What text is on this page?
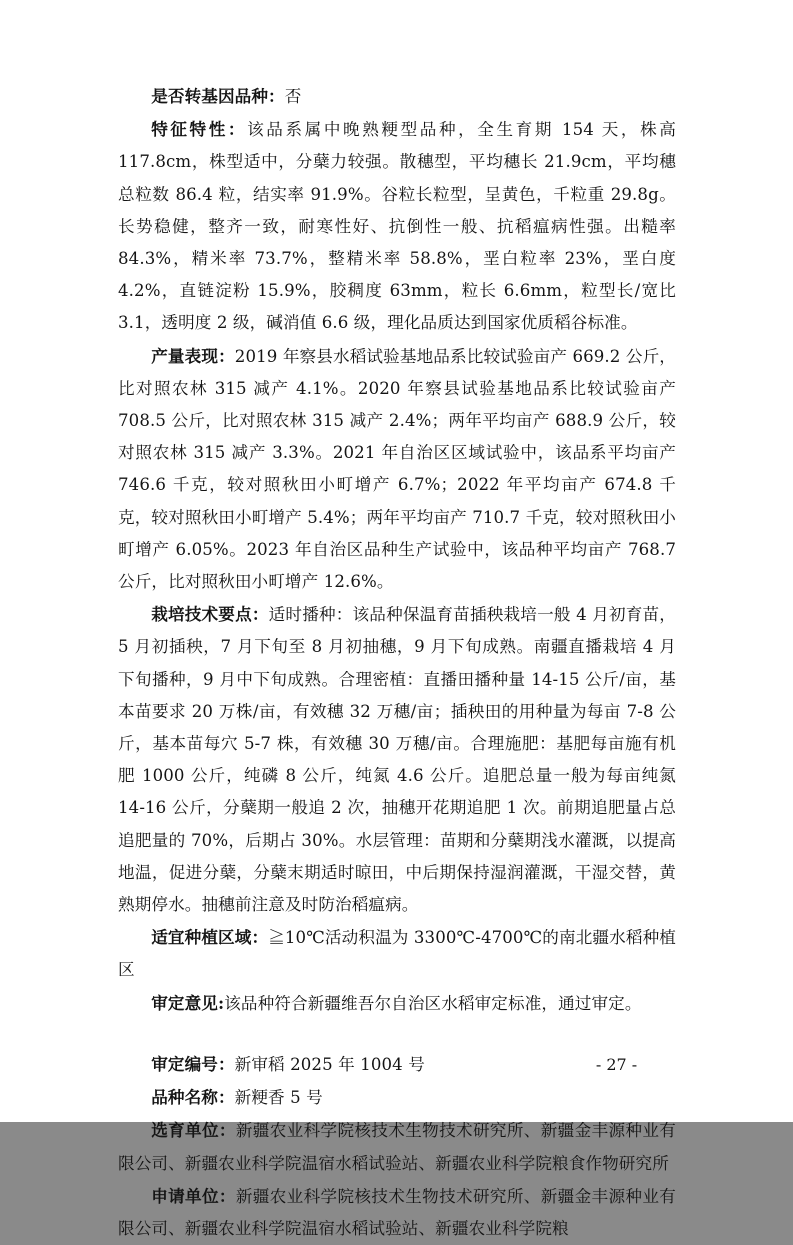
是否转基因品种：否

特征特性：该品系属中晚熟粳型品种，全生育期 154 天，株高 117.8cm，株型适中，分蘖力较强。散穗型，平均穗长 21.9cm，平均穗总粒数 86.4 粒，结实率 91.9%。谷粒长粒型，呈黄色，千粒重 29.8g。长势稳健，整齐一致，耐寒性好、抗倒性一般、抗稻瘟病性强。出糙率 84.3%，精米率 73.7%，整精米率 58.8%，垩白粒率 23%，垩白度 4.2%，直链淀粉 15.9%，胶稠度 63mm，粒长 6.6mm，粒型长/宽比 3.1，透明度 2 级，碱消值 6.6 级，理化品质达到国家优质稻谷标准。

产量表现：2019 年察县水稻试验基地品系比较试验亩产 669.2 公斤，比对照农林 315 减产 4.1%。2020 年察县试验基地品系比较试验亩产 708.5 公斤，比对照农林 315 减产 2.4%；两年平均亩产 688.9 公斤，较对照农林 315 减产 3.3%。2021 年自治区区域试验中，该品系平均亩产 746.6 千克，较对照秋田小町增产 6.7%；2022 年平均亩产 674.8 千克，较对照秋田小町增产 5.4%；两年平均亩产 710.7 千克，较对照秋田小町增产 6.05%。2023 年自治区品种生产试验中，该品种平均亩产 768.7 公斤，比对照秋田小町增产 12.6%。

栽培技术要点：适时播种：该品种保温育苗插秧栽培一般 4 月初育苗，5 月初插秧，7 月下旬至 8 月初抽穗，9 月下旬成熟。南疆直播栽培 4 月下旬播种，9 月中下旬成熟。合理密植：直播田播种量 14-15 公斤/亩，基本苗要求 20 万株/亩，有效穗 32 万穗/亩；插秧田的用种量为每亩 7-8 公斤，基本苗每穴 5-7 株，有效穗 30 万穗/亩。合理施肥：基肥每亩施有机肥 1000 公斤，纯磷 8 公斤，纯氮 4.6 公斤。追肥总量一般为每亩纯氮 14-16 公斤，分蘖期一般追 2 次，抽穗开花期追肥 1 次。前期追肥量占总追肥量的 70%，后期占 30%。水层管理：苗期和分蘖期浅水灌溉，以提高地温，促进分蘖，分蘖末期适时晾田，中后期保持湿润灌溉，干湿交替，黄熟期停水。抽穗前注意及时防治稻瘟病。

适宜种植区域：≧10℃活动积温为 3300℃-4700℃的南北疆水稻种植区

审定意见:该品种符合新疆维吾尔自治区水稻审定标准，通过审定。

审定编号：新审稻 2025 年 1004 号

品种名称：新粳香 5 号

选育单位：新疆农业科学院核技术生物技术研究所、新疆金丰源种业有限公司、新疆农业科学院温宿水稻试验站、新疆农业科学院粮食作物研究所

申请单位：新疆农业科学院核技术生物技术研究所、新疆金丰源种业有限公司、新疆农业科学院温宿水稻试验站、新疆农业科学院粮

- 27 -
